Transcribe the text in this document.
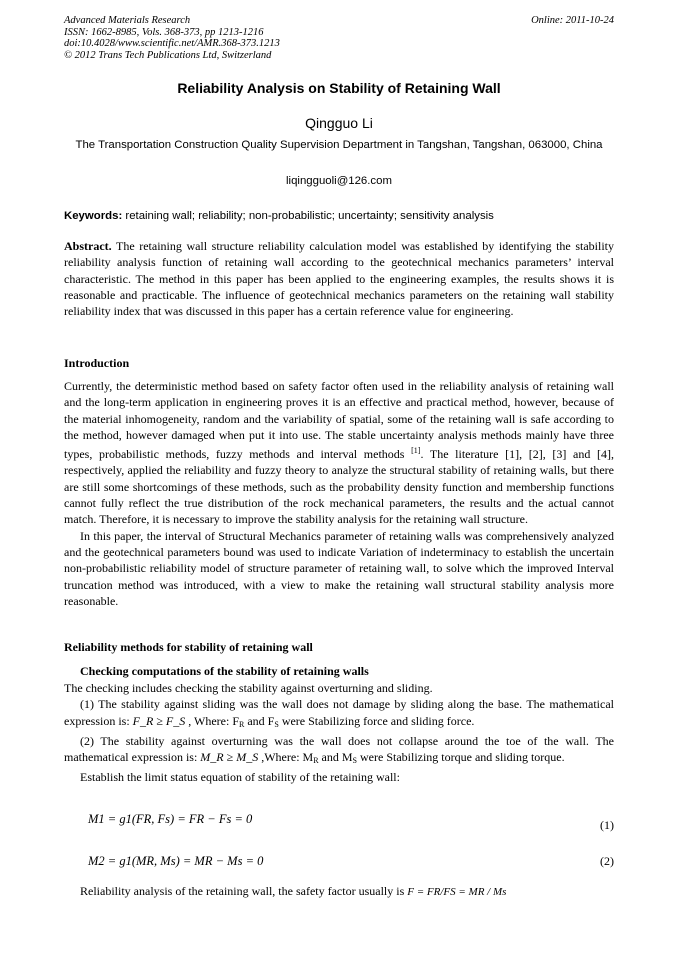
Advanced Materials Research
ISSN: 1662-8985, Vols. 368-373, pp 1213-1216
doi:10.4028/www.scientific.net/AMR.368-373.1213
© 2012 Trans Tech Publications Ltd, Switzerland
Online: 2011-10-24
Reliability Analysis on Stability of Retaining Wall
Qingguo Li
The Transportation Construction Quality Supervision Department in Tangshan, Tangshan, 063000, China
liqingguoli@126.com
Keywords: retaining wall; reliability; non-probabilistic; uncertainty; sensitivity analysis
Abstract. The retaining wall structure reliability calculation model was established by identifying the stability reliability analysis function of retaining wall according to the geotechnical mechanics parameters’ interval characteristic. The method in this paper has been applied to the engineering examples, the results shows it is reasonable and practicable. The influence of geotechnical mechanics parameters on the retaining wall stability reliability index that was discussed in this paper has a certain reference value for engineering.
Introduction

Currently, the deterministic method based on safety factor often used in the reliability analysis of retaining wall and the long-term application in engineering proves it is an effective and practical method, however, because of the material inhomogeneity, random and the variability of spatial, some of the retaining wall is safe according to the method, however damaged when put it into use. The stable uncertainty analysis methods mainly have three types, probabilistic methods, fuzzy methods and interval methods [1]. The literature [1], [2], [3] and [4], respectively, applied the reliability and fuzzy theory to analyze the structural stability of retaining walls, but there are still some shortcomings of these methods, such as the probability density function and membership functions cannot fully reflect the true distribution of the rock mechanical parameters, the results and the actual cannot match. Therefore, it is necessary to improve the stability analysis for the retaining wall structure.

In this paper, the interval of Structural Mechanics parameter of retaining walls was comprehensively analyzed and the geotechnical parameters bound was used to indicate Variation of indeterminacy to establish the uncertain non-probabilistic reliability model of structure parameter of retaining wall, to solve which the improved Interval truncation method was introduced, with a view to make the retaining wall structural stability analysis more reasonable.

Reliability methods for stability of retaining wall
Checking computations of the stability of retaining walls

The checking includes checking the stability against overturning and sliding.

(1) The stability against sliding was the wall does not damage by sliding along the base. The mathematical expression is: F_R ≥ F_S , Where: $F_R$ and $F_S$ were Stabilizing force and sliding force.

(2) The stability against overturning was the wall does not collapse around the toe of the wall. The mathematical expression is: M_R ≥ M_S ,Where: $M_R$ and $M_S$ were Stabilizing torque and sliding torque.

Establish the limit status equation of stability of the retaining wall:

M1 = g1(FR, Fs) = FR − Fs = 0	(1)
M2 = g1(MR, Ms) = MR − Ms = 0	(2)
Reliability analysis of the retaining wall, the safety factor usually is F = FR/FS = MR / Ms
